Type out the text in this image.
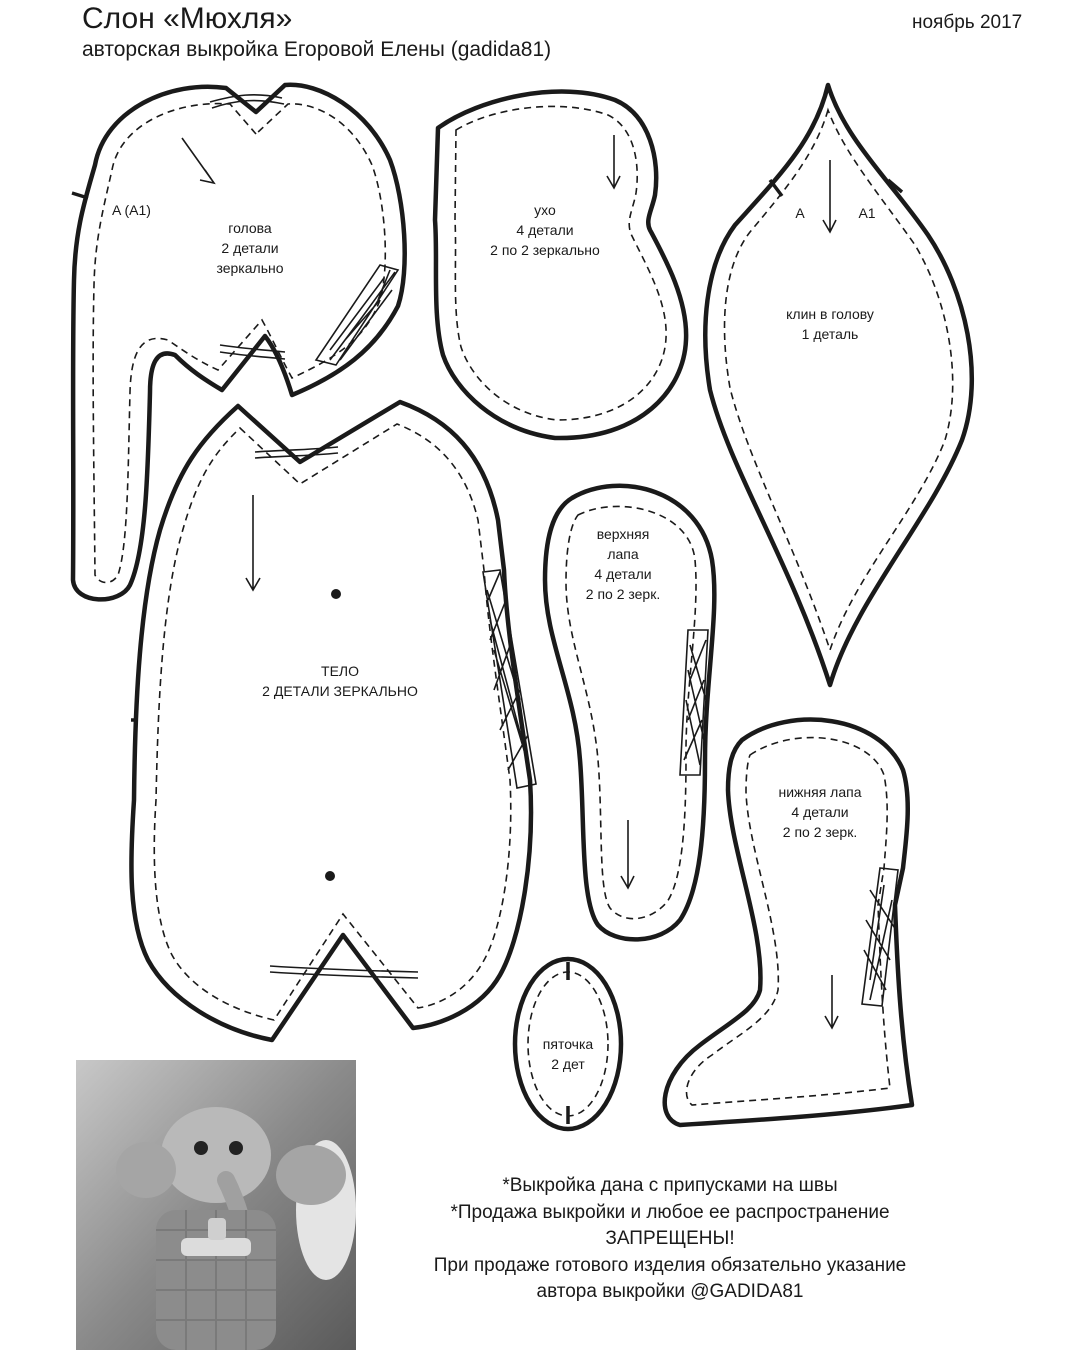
Слон «Мюхля»
авторская выкройка Егоровой Елены (gadida81)
ноябрь 2017
голова
2 детали
зеркально
A (A1)	ухо
4 детали
2 по 2 зеркально
клин в голову
1 деталь
A	A1
ТЕЛО
2 ДЕТАЛИ ЗЕРКАЛЬНО
верхняя
лапа
4 детали
2 по 2 зерк.
нижняя лапа
4 детали
2 по 2 зерк.
пяточка
2 дет
*Выкройка дана с припусками на швы
*Продажа выкройки и любое ее распространение
ЗАПРЕЩЕНЫ!
При продаже готового изделия обязательно указание
автора выкройки @GADIDA81
